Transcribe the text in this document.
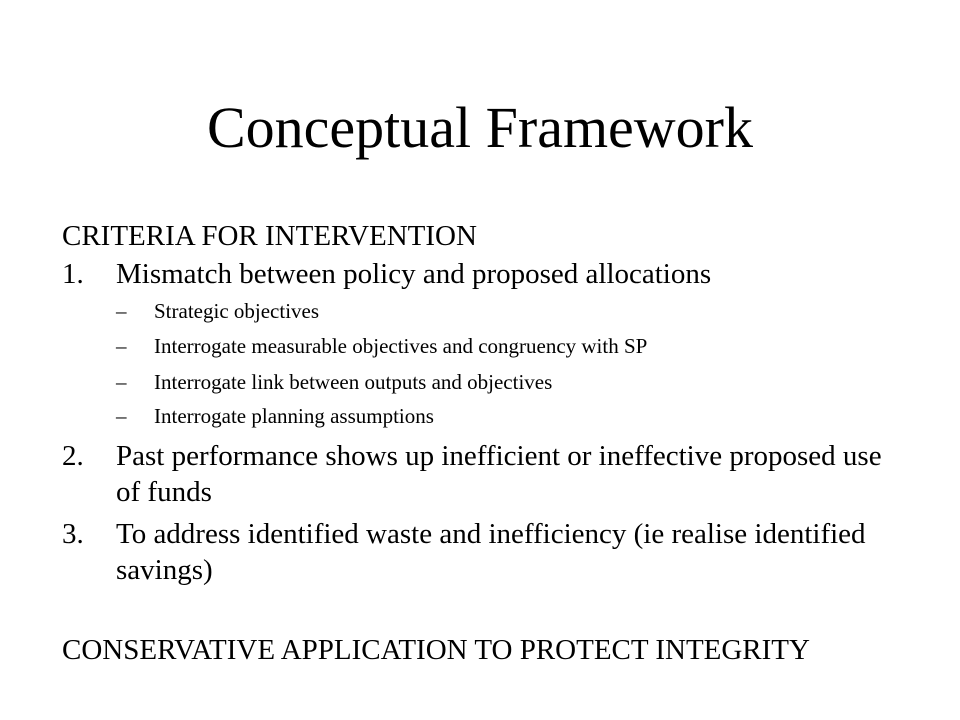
Conceptual Framework
CRITERIA FOR INTERVENTION
1. Mismatch between policy and proposed allocations
– Strategic objectives
– Interrogate measurable objectives and congruency with SP
– Interrogate link between outputs and objectives
– Interrogate planning assumptions
2. Past performance shows up inefficient or ineffective proposed use of funds
3. To address identified waste and inefficiency (ie realise identified savings)
CONSERVATIVE APPLICATION TO PROTECT INTEGRITY
